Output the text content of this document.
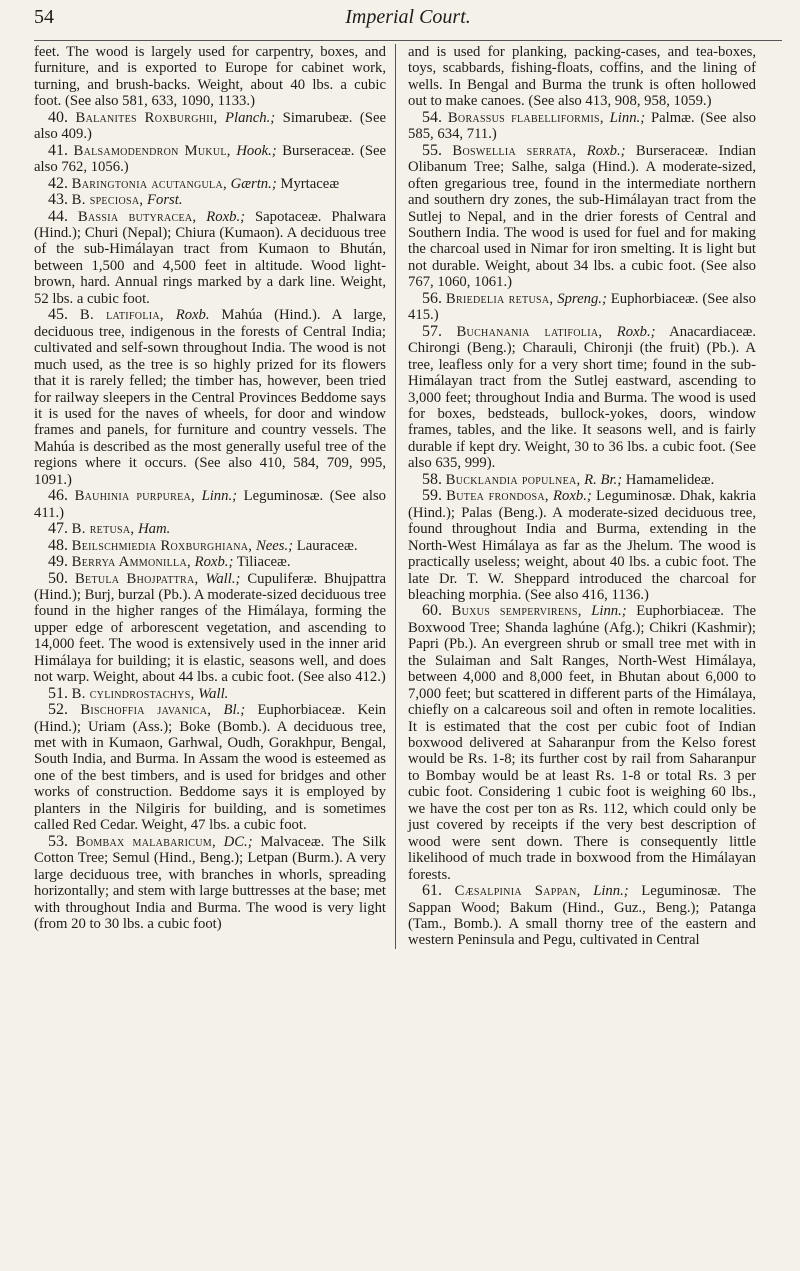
54	Imperial Court.

feet. The wood is largely used for carpentry, boxes, and furniture, and is exported to Europe for cabinet work, turning, and brush-backs. Weight, about 40 lbs. a cubic foot. (See also 581, 633, 1090, 1133.)

40. Balanites Roxburghii, Planch.; Simarubeæ. (See also 409.)

41. Balsamodendron Mukul, Hook.; Burseraceæ. (See also 762, 1056.)

42. Baringtonia acutangula, Gærtn.; Myrtaceæ

43. B. speciosa, Forst.

44. Bassia butyracea, Roxb.; Sapotaceæ. Phalwara (Hind.); Churi (Nepal); Chiura (Kumaon). A deciduous tree of the sub-Himálayan tract from Kumaon to Bhután, between 1,500 and 4,500 feet in altitude. Wood light-brown, hard. Annual rings marked by a dark line. Weight, 52 lbs. a cubic foot.

45. B. latifolia, Roxb. Mahúa (Hind.). A large, deciduous tree, indigenous in the forests of Central India; cultivated and self-sown throughout India. The wood is not much used, as the tree is so highly prized for its flowers that it is rarely felled; the timber has, however, been tried for railway sleepers in the Central Provinces Beddome says it is used for the naves of wheels, for door and window frames and panels, for furniture and country vessels. The Mahúa is described as the most generally useful tree of the regions where it occurs. (See also 410, 584, 709, 995, 1091.)

46. Bauhinia purpurea, Linn.; Leguminosæ. (See also 411.)

47. B. retusa, Ham.

48. Beilschmiedia Roxburghiana, Nees.; Lauraceæ.

49. Berrya Ammonilla, Roxb.; Tiliaceæ.

50. Betula Bhojpattra, Wall.; Cupuliferæ. Bhujpattra (Hind.); Burj, burzal (Pb.). A moderate-sized deciduous tree found in the higher ranges of the Himálaya, forming the upper edge of arborescent vegetation, and ascending to 14,000 feet. The wood is extensively used in the inner arid Himálaya for building; it is elastic, seasons well, and does not warp. Weight, about 44 lbs. a cubic foot. (See also 412.)

51. B. cylindrostachys, Wall.

52. Bischoffia javanica, Bl.; Euphorbiaceæ. Kein (Hind.); Uriam (Ass.); Boke (Bomb.). A deciduous tree, met with in Kumaon, Garhwal, Oudh, Gorakhpur, Bengal, South India, and Burma. In Assam the wood is esteemed as one of the best timbers, and is used for bridges and other works of construction. Beddome says it is employed by planters in the Nilgiris for building, and is sometimes called Red Cedar. Weight, 47 lbs. a cubic foot.

53. Bombax malabaricum, DC.; Malvaceæ. The Silk Cotton Tree; Semul (Hind., Beng.); Letpan (Burm.). A very large deciduous tree, with branches in whorls, spreading horizontally; and stem with large buttresses at the base; met with throughout India and Burma. The wood is very light (from 20 to 30 lbs. a cubic foot)

and is used for planking, packing-cases, and tea-boxes, toys, scabbards, fishing-floats, coffins, and the lining of wells. In Bengal and Burma the trunk is often hollowed out to make canoes. (See also 413, 908, 958, 1059.)

54. Borassus flabelliformis, Linn.; Palmæ. (See also 585, 634, 711.)

55. Boswellia serrata, Roxb.; Burseraceæ. Indian Olibanum Tree; Salhe, salga (Hind.). A moderate-sized, often gregarious tree, found in the intermediate northern and southern dry zones, the sub-Himálayan tract from the Sutlej to Nepal, and in the drier forests of Central and Southern India. The wood is used for fuel and for making the charcoal used in Nimar for iron smelting. It is light but not durable. Weight, about 34 lbs. a cubic foot. (See also 767, 1060, 1061.)

56. Briedelia retusa, Spreng.; Euphorbiaceæ. (See also 415.)

57. Buchanania latifolia, Roxb.; Anacardiaceæ. Chirongi (Beng.); Charauli, Chironji (the fruit) (Pb.). A tree, leafless only for a very short time; found in the sub-Himálayan tract from the Sutlej eastward, ascending to 3,000 feet; throughout India and Burma. The wood is used for boxes, bedsteads, bullock-yokes, doors, window frames, tables, and the like. It seasons well, and is fairly durable if kept dry. Weight, 30 to 36 lbs. a cubic foot. (See also 635, 999).

58. Bucklandia populnea, R. Br.; Hamamelideæ.

59. Butea frondosa, Roxb.; Leguminosæ. Dhak, kakria (Hind.); Palas (Beng.). A moderate-sized deciduous tree, found throughout India and Burma, extending in the North-West Himálaya as far as the Jhelum. The wood is practically useless; weight, about 40 lbs. a cubic foot. The late Dr. T. W. Sheppard introduced the charcoal for bleaching morphia. (See also 416, 1136.)

60. Buxus sempervirens, Linn.; Euphorbiaceæ. The Boxwood Tree; Shanda laghúne (Afg.); Chikri (Kashmir); Papri (Pb.). An evergreen shrub or small tree met with in the Sulaiman and Salt Ranges, North-West Himálaya, between 4,000 and 8,000 feet, in Bhutan about 6,000 to 7,000 feet; but scattered in different parts of the Himálaya, chiefly on a calcareous soil and often in remote localities. It is estimated that the cost per cubic foot of Indian boxwood delivered at Saharanpur from the Kelso forest would be Rs. 1-8; its further cost by rail from Saharanpur to Bombay would be at least Rs. 1-8 or total Rs. 3 per cubic foot. Considering 1 cubic foot is weighing 60 lbs., we have the cost per ton as Rs. 112, which could only be just covered by receipts if the very best description of wood were sent down. There is consequently little likelihood of much trade in boxwood from the Himálayan forests.

61. Cæsalpinia Sappan, Linn.; Leguminosæ. The Sappan Wood; Bakum (Hind., Guz., Beng.); Patanga (Tam., Bomb.). A small thorny tree of the eastern and western Peninsula and Pegu, cultivated in Central
